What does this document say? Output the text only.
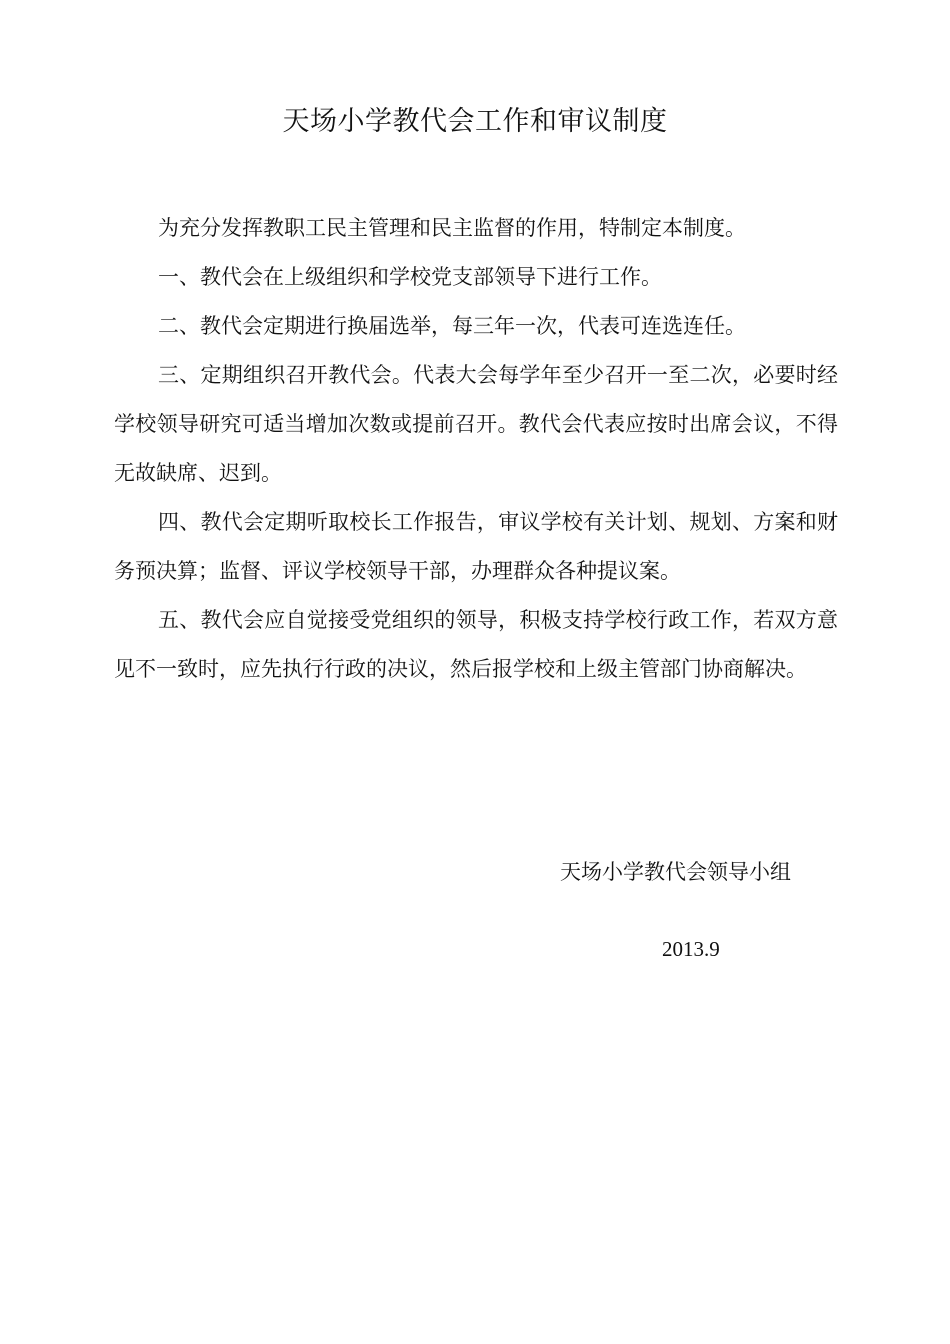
天场小学教代会工作和审议制度

为充分发挥教职工民主管理和民主监督的作用，特制定本制度。

一、教代会在上级组织和学校党支部领导下进行工作。

二、教代会定期进行换届选举，每三年一次，代表可连选连任。

三、定期组织召开教代会。代表大会每学年至少召开一至二次，必要时经学校领导研究可适当增加次数或提前召开。教代会代表应按时出席会议，不得无故缺席、迟到。

四、教代会定期听取校长工作报告，审议学校有关计划、规划、方案和财务预决算；监督、评议学校领导干部，办理群众各种提议案。

五、教代会应自觉接受党组织的领导，积极支持学校行政工作，若双方意见不一致时，应先执行行政的决议，然后报学校和上级主管部门协商解决。

天场小学教代会领导小组
2013.9
